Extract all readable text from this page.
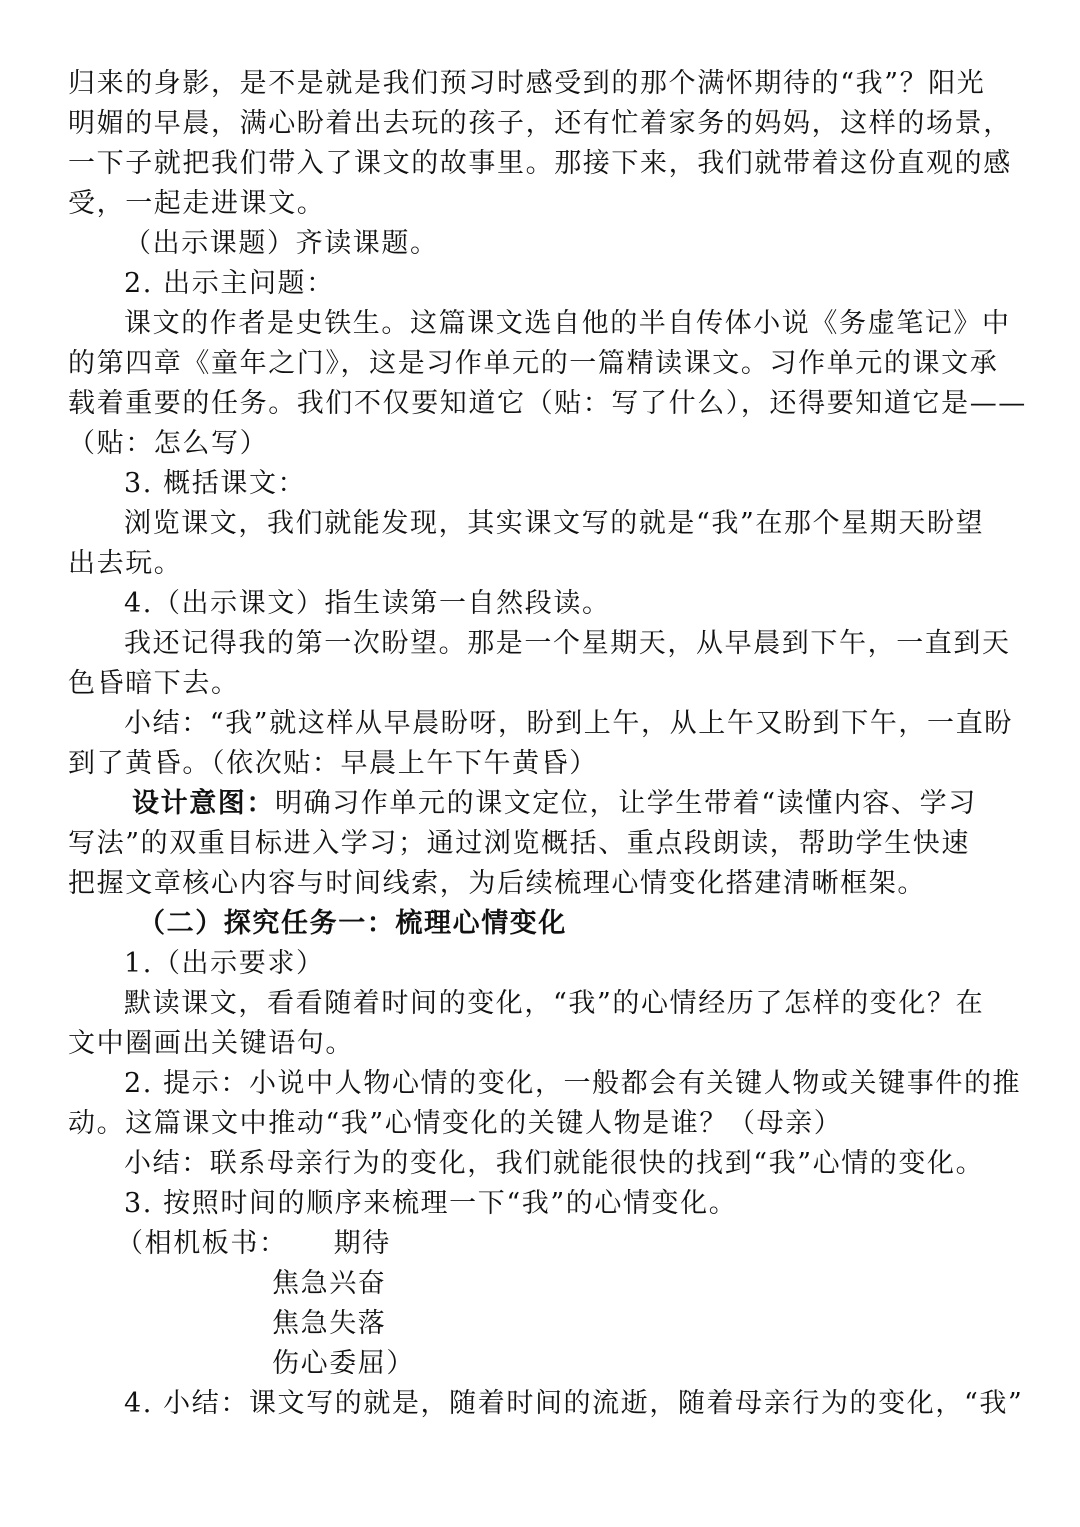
归来的身影，是不是就是我们预习时感受到的那个满怀期待的“我”？阳光
明媚的早晨，满心盼着出去玩的孩子，还有忙着家务的妈妈，这样的场景，
一下子就把我们带入了课文的故事里。那接下来，我们就带着这份直观的感
受，一起走进课文。
（出示课题）齐读课题。
2. 出示主问题：
课文的作者是史铁生。这篇课文选自他的半自传体小说《务虚笔记》中
的第四章《童年之门》，这是习作单元的一篇精读课文。习作单元的课文承
载着重要的任务。我们不仅要知道它（贴：写了什么），还得要知道它是——
（贴：怎么写）
3. 概括课文：
浏览课文，我们就能发现，其实课文写的就是“我”在那个星期天盼望
出去玩。
4.（出示课文）指生读第一自然段读。
我还记得我的第一次盼望。那是一个星期天，从早晨到下午，一直到天
色昏暗下去。
小结：“我”就这样从早晨盼呀，盼到上午，从上午又盼到下午，一直盼
到了黄昏。（依次贴：早晨上午下午黄昏）
设计意图：明确习作单元的课文定位，让学生带着“读懂内容、学习
写法”的双重目标进入学习；通过浏览概括、重点段朗读，帮助学生快速
把握文章核心内容与时间线索，为后续梳理心情变化搭建清晰框架。
（二）探究任务一：梳理心情变化
1.（出示要求）
默读课文，看看随着时间的变化，“我”的心情经历了怎样的变化？在
文中圈画出关键语句。
2. 提示：小说中人物心情的变化，一般都会有关键人物或关键事件的推
动。这篇课文中推动“我”心情变化的关键人物是谁？（母亲）
小结：联系母亲行为的变化，我们就能很快的找到“我”心情的变化。
3. 按照时间的顺序来梳理一下“我”的心情变化。
（相机板书： 期待
焦急兴奋
焦急失落
伤心委屈）
4. 小结：课文写的就是，随着时间的流逝，随着母亲行为的变化，“我”
